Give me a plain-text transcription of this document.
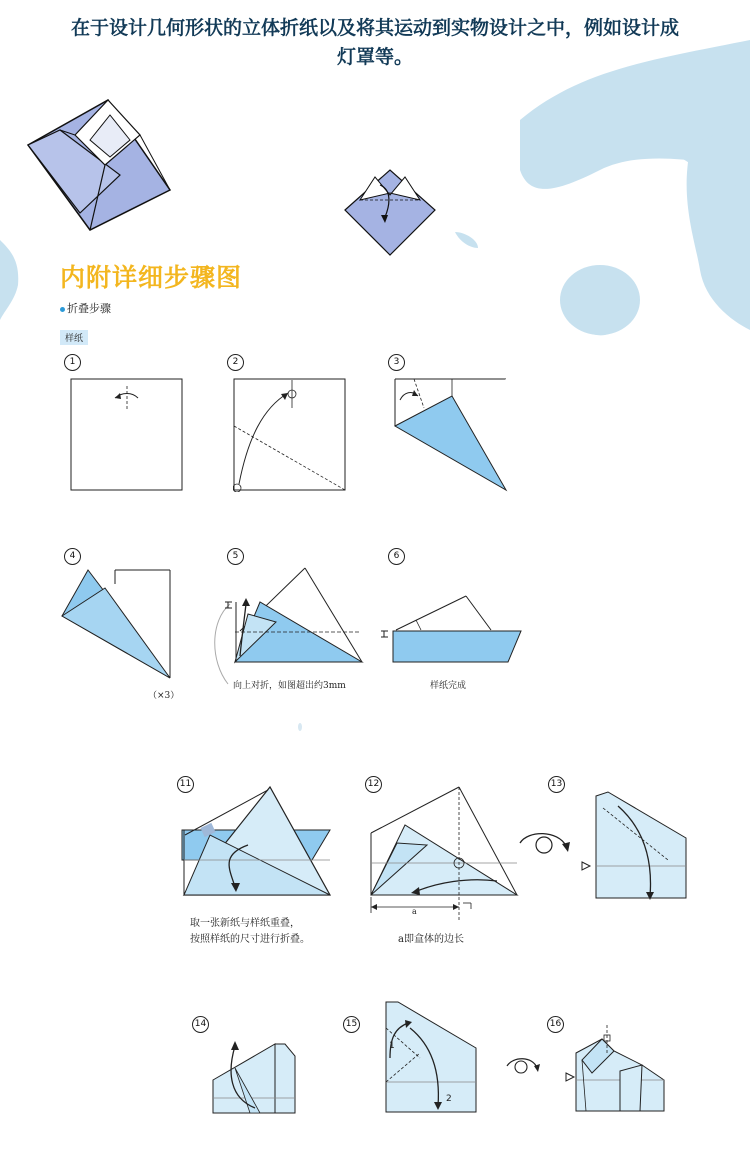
在于设计几何形状的立体折纸以及将其运动到实物设计之中，例如设计成
灯罩等。
内附详细步骤图
折叠步骤
样纸
1	2	3
4	5	6
11	12	13
14	15	16
（×3）
向上对折，如图超出约3mm	样纸完成
取一张新纸与样纸重叠，
按照样纸的尺寸进行折叠。
a
a即盒体的边长
1
2
